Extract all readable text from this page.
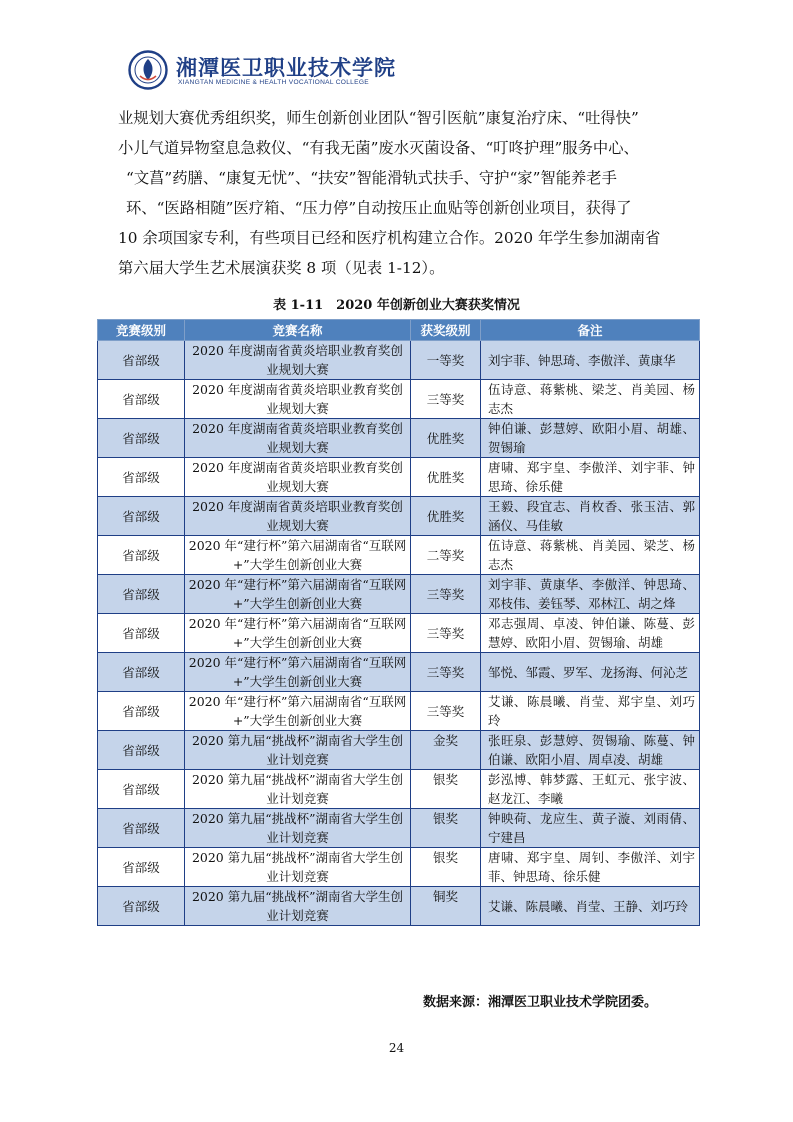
湘潭医卫职业技术学院
XIANGTAN MEDICINE & HEALTH VOCATIONAL COLLEGE

业规划大赛优秀组织奖，师生创新创业团队“智引医航”康复治疗床、“吐得快”
小儿气道异物窒息急救仪、“有我无菌”废水灭菌设备、“叮咚护理”服务中心、
“文菖”药膳、“康复无忧”、“扶安”智能滑轨式扶手、守护“家”智能养老手
环、“医路相随”医疗箱、“压力停”自动按压止血贴等创新创业项目，获得了
10 余项国家专利，有些项目已经和医疗机构建立合作。2020 年学生参加湖南省
第六届大学生艺术展演获奖 8 项（见表 1-12）。

表 1-11　2020 年创新创业大赛获奖情况
竞赛级别	竞赛名称	获奖级别	备注
省部级	2020 年度湖南省黄炎培职业教育奖创业规划大赛	一等奖	刘宇菲、钟思琦、李傲洋、黄康华
省部级	2020 年度湖南省黄炎培职业教育奖创业规划大赛	三等奖	伍诗意、蒋紫桃、梁芝、肖美园、杨志杰
省部级	2020 年度湖南省黄炎培职业教育奖创业规划大赛	优胜奖	钟伯谦、彭慧婷、欧阳小眉、胡雄、贺锡瑜
省部级	2020 年度湖南省黄炎培职业教育奖创业规划大赛	优胜奖	唐啸、郑宇皇、李傲洋、刘宇菲、钟思琦、徐乐健
省部级	2020 年度湖南省黄炎培职业教育奖创业规划大赛	优胜奖	王毅、段宜志、肖枚香、张玉洁、郭涵仪、马佳敏
省部级	2020 年“建行杯”第六届湖南省“互联网+”大学生创新创业大赛	二等奖	伍诗意、蒋紫桃、肖美园、梁芝、杨志杰
省部级	2020 年“建行杯”第六届湖南省“互联网+”大学生创新创业大赛	三等奖	刘宇菲、黄康华、李傲洋、钟思琦、邓枝伟、姜钰琴、邓林江、胡之烽
省部级	2020 年“建行杯”第六届湖南省“互联网+”大学生创新创业大赛	三等奖	邓志强周、卓凌、钟伯谦、陈蔓、彭慧婷、欧阳小眉、贺锡瑜、胡雄
省部级	2020 年“建行杯”第六届湖南省“互联网+”大学生创新创业大赛	三等奖	邹悦、邹霞、罗军、龙扬海、何沁芝
省部级	2020 年“建行杯”第六届湖南省“互联网+”大学生创新创业大赛	三等奖	艾谦、陈晨曦、肖莹、郑宇皇、刘巧玲
省部级	2020 第九届“挑战杯”湖南省大学生创业计划竞赛	金奖	张旺泉、彭慧婷、贺锡瑜、陈蔓、钟伯谦、欧阳小眉、周卓凌、胡雄
省部级	2020 第九届“挑战杯”湖南省大学生创业计划竞赛	银奖	彭泓博、韩梦露、王虹元、张宇波、赵龙江、李曦
省部级	2020 第九届“挑战杯”湖南省大学生创业计划竞赛	银奖	钟映荷、龙应生、黄子漩、刘雨倩、宁建昌
省部级	2020 第九届“挑战杯”湖南省大学生创业计划竞赛	银奖	唐啸、郑宇皇、周钊、李傲洋、刘宇菲、钟思琦、徐乐健
省部级	2020 第九届“挑战杯”湖南省大学生创业计划竞赛	铜奖	艾谦、陈晨曦、肖莹、王静、刘巧玲
数据来源：湘潭医卫职业技术学院团委。
24
